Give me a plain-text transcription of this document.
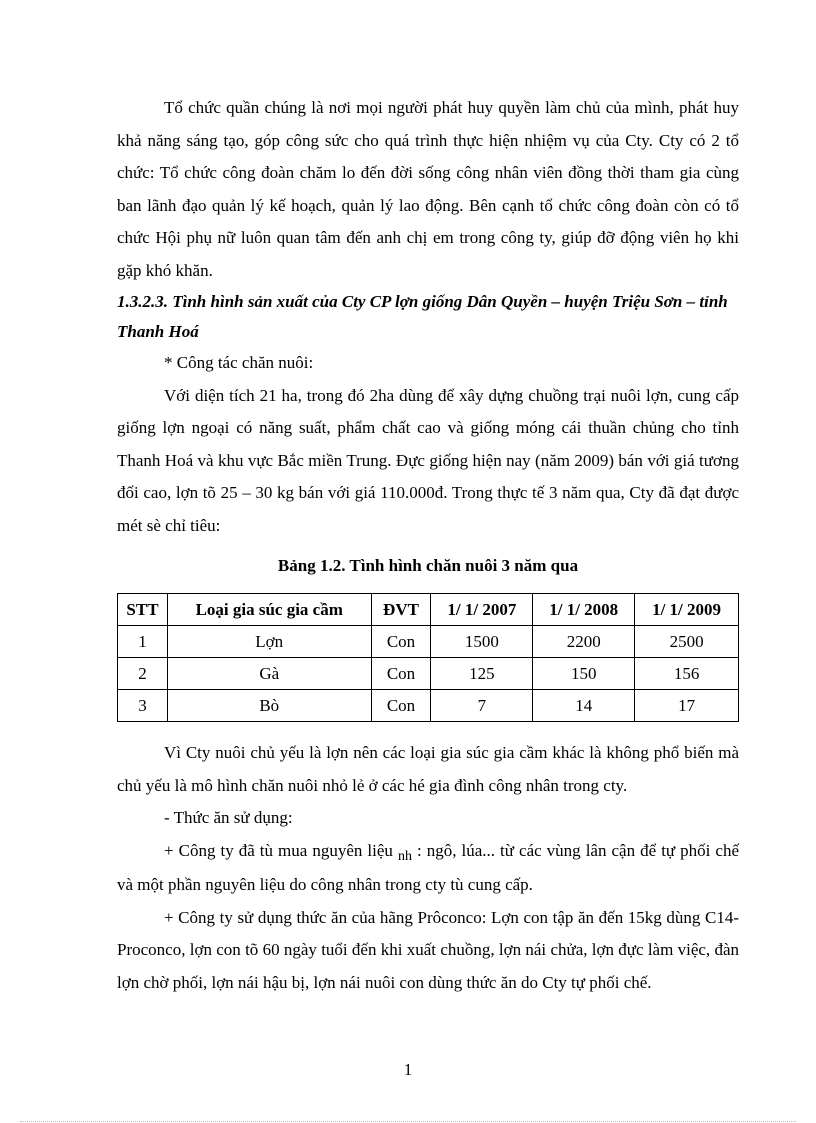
Tổ chức quần chúng là nơi mọi người phát huy quyền làm chủ của mình, phát huy khả năng sáng tạo, góp công sức cho quá trình thực hiện nhiệm vụ của Cty. Cty có 2 tổ chức: Tổ chức công đoàn chăm lo đến đời sống công nhân viên đồng thời tham gia cùng ban lãnh đạo quản lý kế hoạch, quản lý lao động. Bên cạnh tổ chức công đoàn còn có tổ chức Hội phụ nữ luôn quan tâm đến anh chị em trong công ty, giúp đỡ động viên họ khi gặp khó khăn.

1.3.2.3. Tình hình sản xuất của Cty CP lợn giống Dân Quyền – huyện Triệu Sơn – tỉnh Thanh Hoá

* Công tác chăn nuôi:

Với diện tích 21 ha, trong đó 2ha dùng để xây dựng chuồng trại nuôi lợn, cung cấp giống lợn ngoại có năng suất, phẩm chất cao và giống móng cái thuần chủng cho tỉnh Thanh Hoá và khu vực Bắc miền Trung. Đực giống hiện nay (năm 2009) bán với giá tương đối cao, lợn tõ 25 – 30 kg bán với giá 110.000đ. Trong thực tế 3 năm qua, Cty đã đạt được mét sè chỉ tiêu:

Bảng 1.2. Tình hình chăn nuôi 3 năm qua
STT	Loại gia súc gia cầm	ĐVT	1/ 1/ 2007	1/ 1/ 2008	1/ 1/ 2009
1	Lợn	Con	1500	2200	2500
2	Gà	Con	125	150	156
3	Bò	Con	7	14	17

Vì Cty nuôi chủ yếu là lợn nên các loại gia súc gia cầm khác là không phổ biến mà chủ yếu là mô hình chăn nuôi nhỏ lẻ ở các hé gia đình công nhân trong cty.

- Thức ăn sử dụng:

+ Công ty đã tù mua nguyên liệu $_{nh}$ : ngô, lúa... từ các vùng lân cận để tự phối chế và một phần nguyên liệu do công nhân trong cty tù cung cấp.

+ Công ty sử dụng thức ăn của hãng Prôconco: Lợn con tập ăn đến 15kg dùng C14-Proconco, lợn con tõ 60 ngày tuổi đến khi xuất chuồng, lợn nái chửa, lợn đực làm việc, đàn lợn chờ phối, lợn nái hậu bị, lợn nái nuôi con dùng thức ăn do Cty tự phối chế.

1
